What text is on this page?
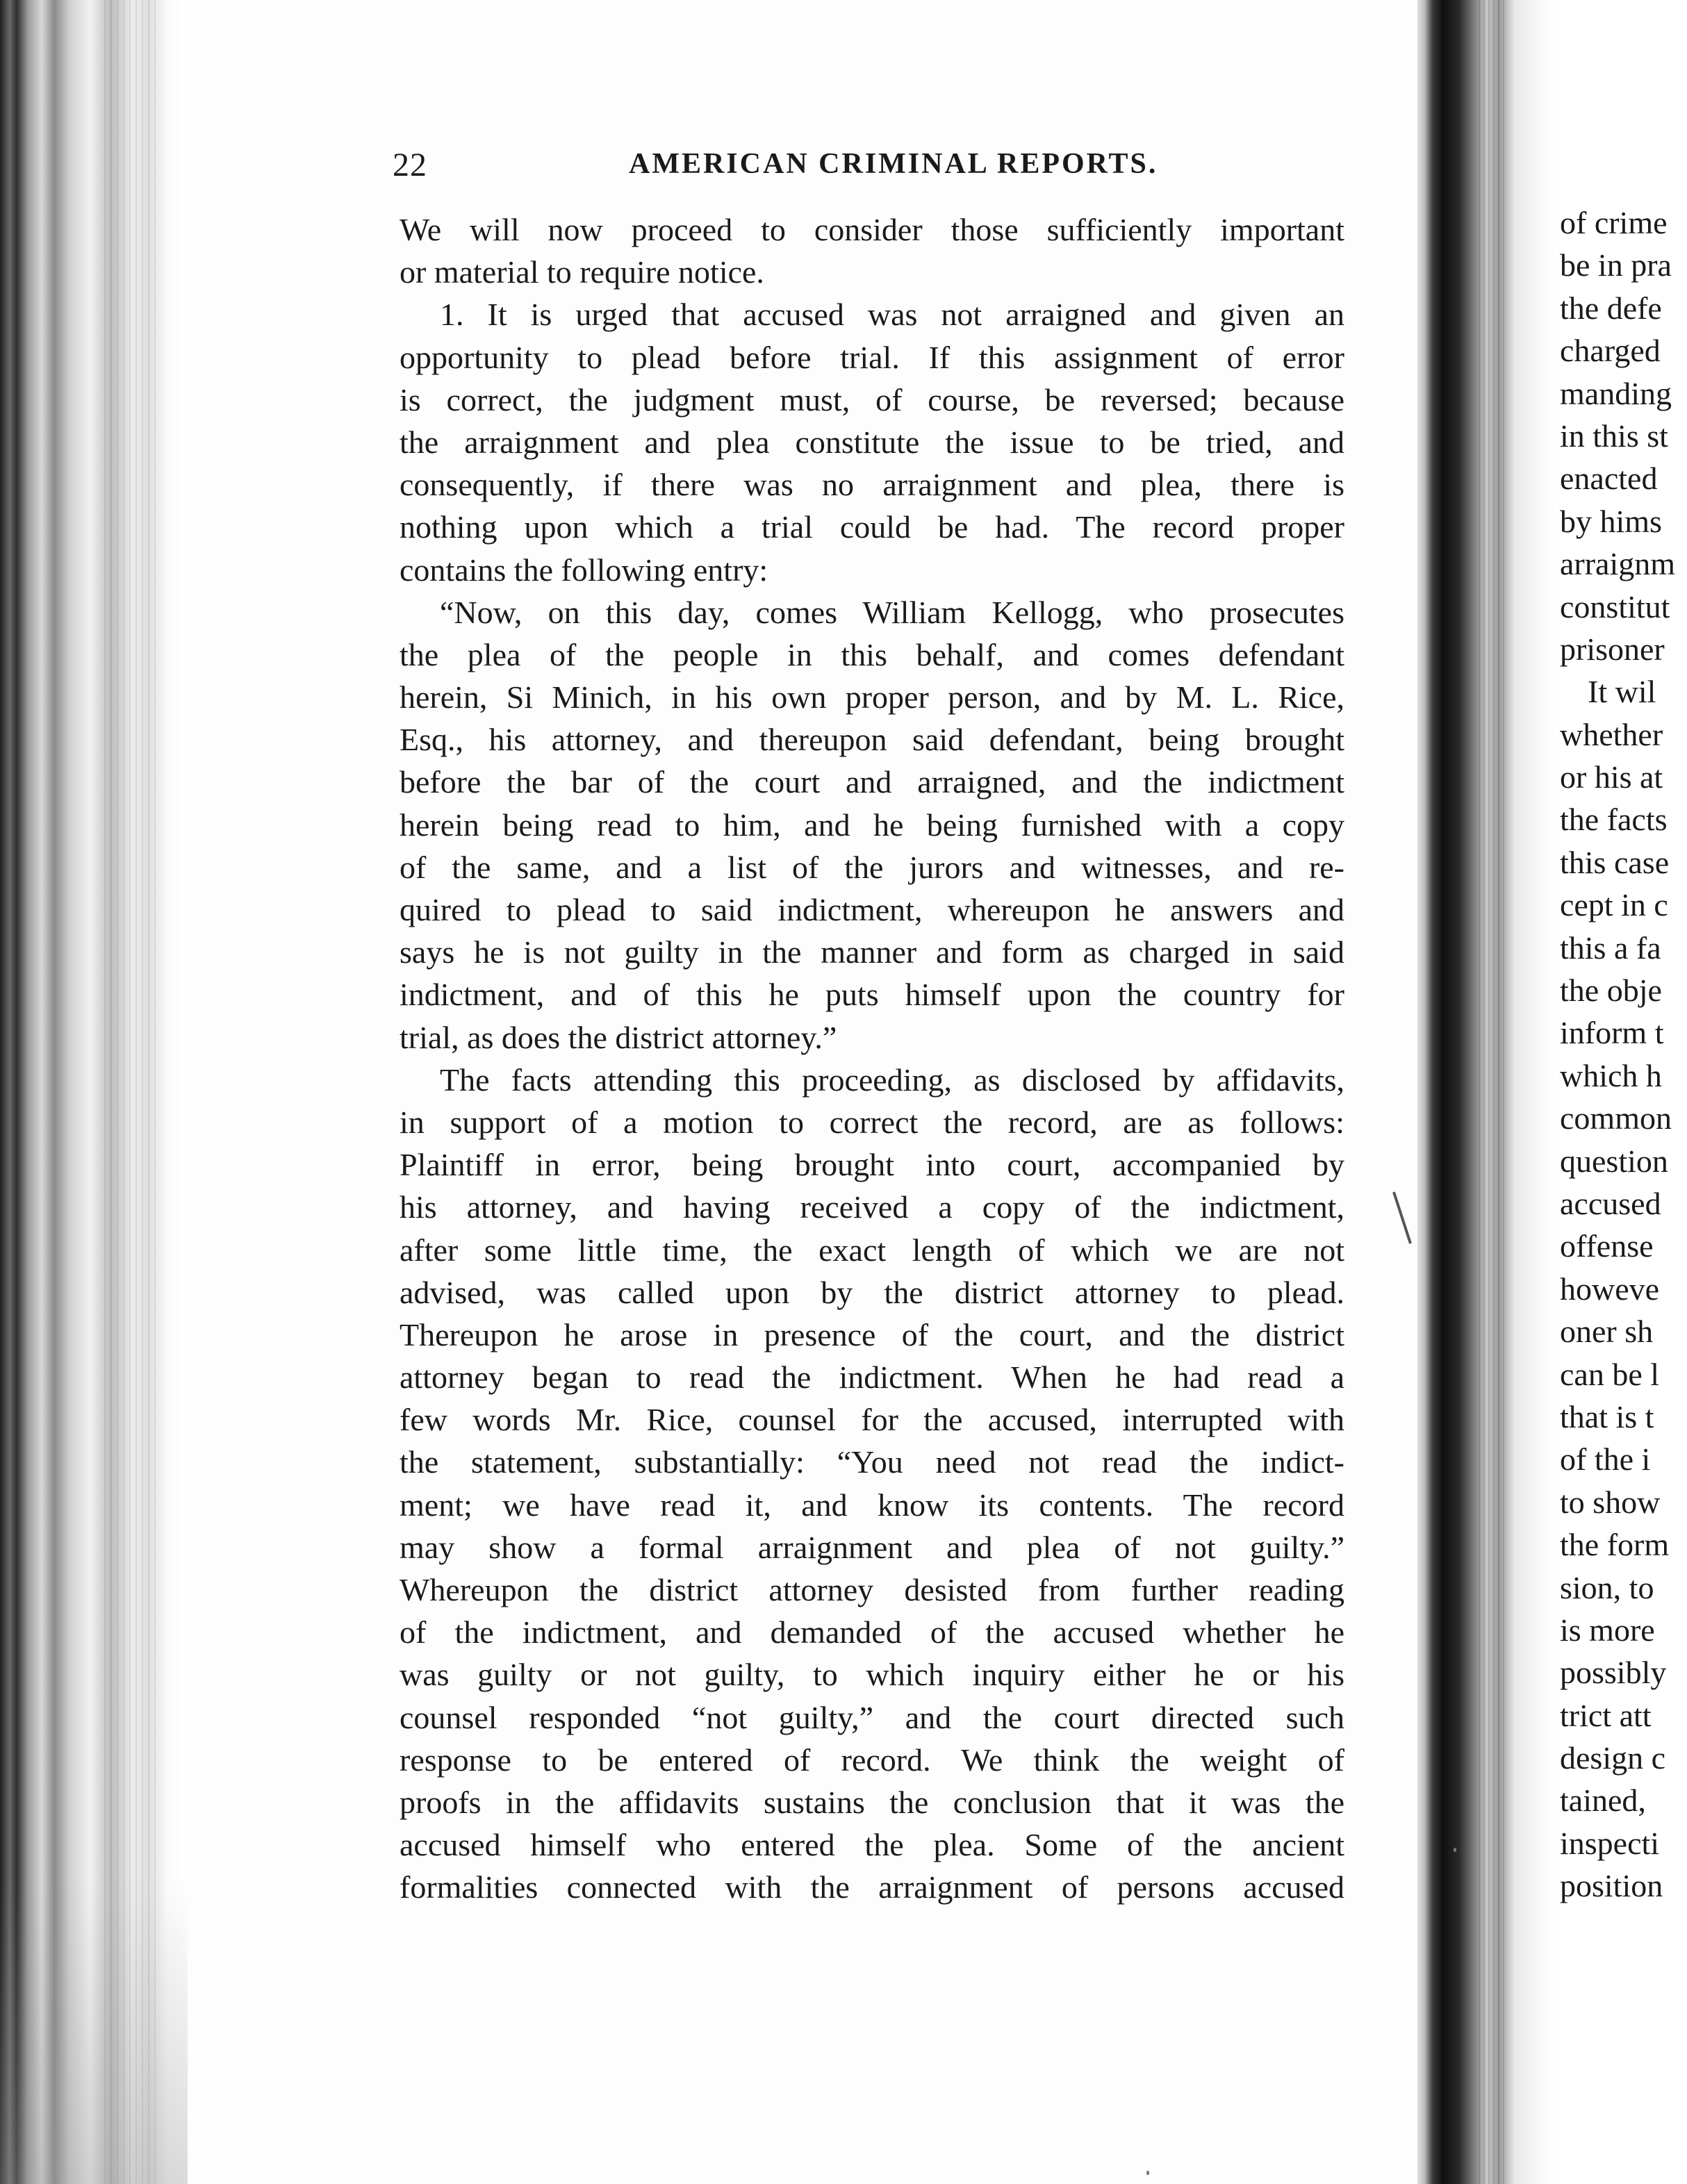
22	AMERICAN CRIMINAL REPORTS.
We will now proceed to consider those sufficiently important
or material to require notice.
1. It is urged that accused was not arraigned and given an
opportunity to plead before trial. If this assignment of error
is correct, the judgment must, of course, be reversed; because
the arraignment and plea constitute the issue to be tried, and
consequently, if there was no arraignment and plea, there is
nothing upon which a trial could be had. The record proper
contains the following entry:
“Now, on this day, comes William Kellogg, who prosecutes
the plea of the people in this behalf, and comes defendant
herein, Si Minich, in his own proper person, and by M. L. Rice,
Esq., his attorney, and thereupon said defendant, being brought
before the bar of the court and arraigned, and the indictment
herein being read to him, and he being furnished with a copy
of the same, and a list of the jurors and witnesses, and re-
quired to plead to said indictment, whereupon he answers and
says he is not guilty in the manner and form as charged in said
indictment, and of this he puts himself upon the country for
trial, as does the district attorney.”
The facts attending this proceeding, as disclosed by affidavits,
in support of a motion to correct the record, are as follows:
Plaintiff in error, being brought into court, accompanied by
his attorney, and having received a copy of the indictment,
after some little time, the exact length of which we are not
advised, was called upon by the district attorney to plead.
Thereupon he arose in presence of the court, and the district
attorney began to read the indictment. When he had read a
few words Mr. Rice, counsel for the accused, interrupted with
the statement, substantially: “You need not read the indict-
ment; we have read it, and know its contents. The record
may show a formal arraignment and plea of not guilty.”
Whereupon the district attorney desisted from further reading
of the indictment, and demanded of the accused whether he
was guilty or not guilty, to which inquiry either he or his
counsel responded “not guilty,” and the court directed such
response to be entered of record. We think the weight of
proofs in the affidavits sustains the conclusion that it was the
accused himself who entered the plea. Some of the ancient
formalities connected with the arraignment of persons accused
of crime
be in pra
the defe
charged
manding
in this st
enacted
by hims
arraignm
constitut
prisoner
It wil
whether
or his at
the facts
this case
cept in c
this a fa
the obje
inform t
which h
common
question
accused
offense
howeve
oner sh
can be l
that is t
of the i
to show
the form
sion, to
is more
possibly
trict att
design c
tained,
inspecti
position
